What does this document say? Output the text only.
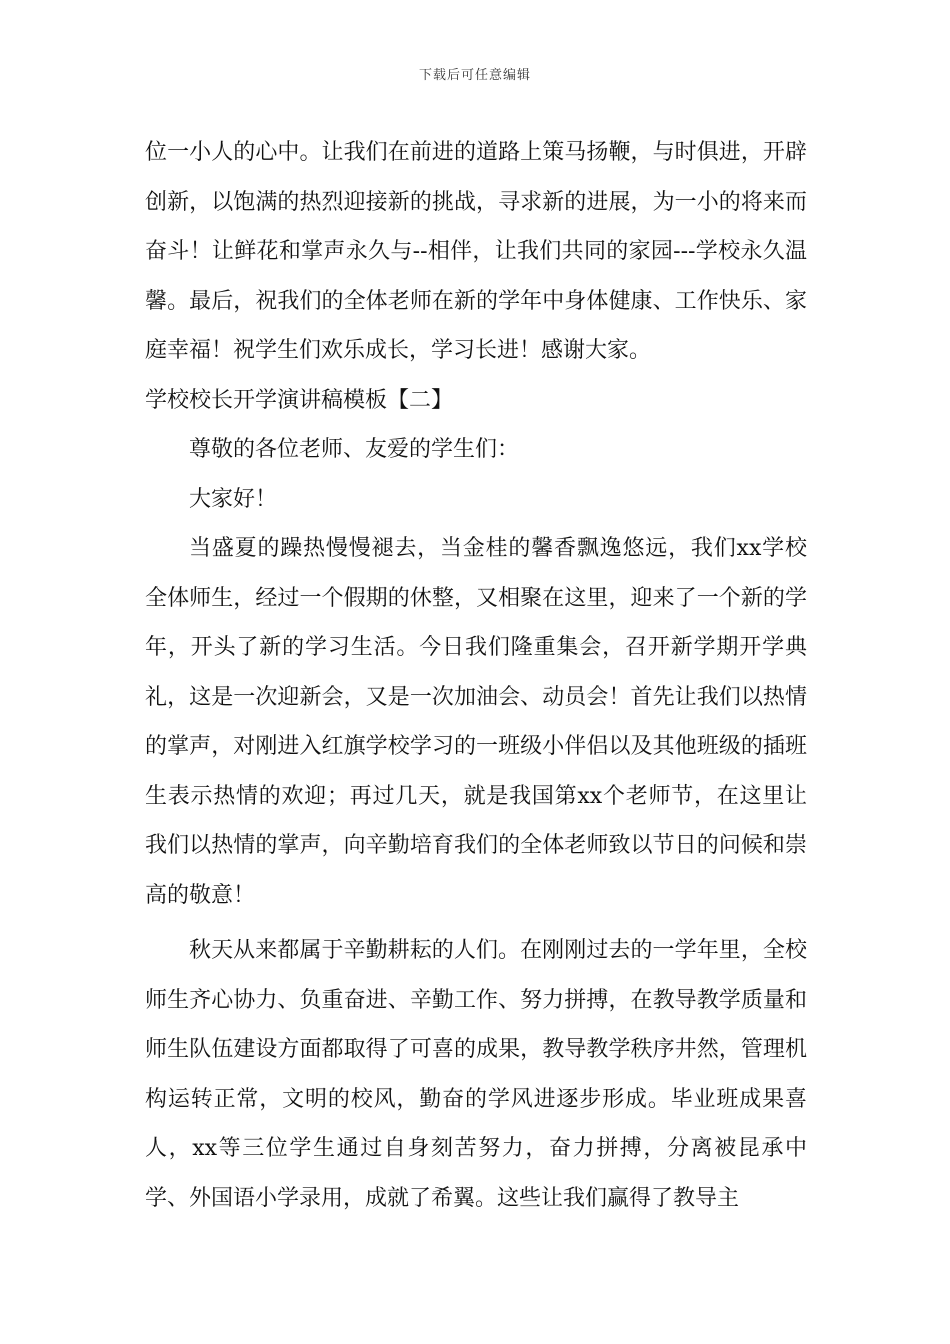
下载后可任意编辑

位一小人的心中。让我们在前进的道路上策马扬鞭，与时俱进，开辟创新，以饱满的热烈迎接新的挑战，寻求新的进展，为一小的将来而奋斗！让鲜花和掌声永久与--相伴，让我们共同的家园---学校永久温馨。最后，祝我们的全体老师在新的学年中身体健康、工作快乐、家庭幸福！祝学生们欢乐成长，学习长进！感谢大家。

学校校长开学演讲稿模板【二】

尊敬的各位老师、友爱的学生们：

大家好！

当盛夏的躁热慢慢褪去，当金桂的馨香飘逸悠远，我们xx学校全体师生，经过一个假期的休整，又相聚在这里，迎来了一个新的学年，开头了新的学习生活。今日我们隆重集会，召开新学期开学典礼，这是一次迎新会，又是一次加油会、动员会！首先让我们以热情的掌声，对刚进入红旗学校学习的一班级小伴侣以及其他班级的插班生表示热情的欢迎；再过几天，就是我国第xx个老师节，在这里让我们以热情的掌声，向辛勤培育我们的全体老师致以节日的问候和崇高的敬意！

秋天从来都属于辛勤耕耘的人们。在刚刚过去的一学年里，全校师生齐心协力、负重奋进、辛勤工作、努力拼搏，在教导教学质量和师生队伍建设方面都取得了可喜的成果，教导教学秩序井然，管理机构运转正常，文明的校风，勤奋的学风进逐步形成。毕业班成果喜人，xx等三位学生通过自身刻苦努力，奋力拼搏，分离被昆承中学、外国语小学录用，成就了希翼。这些让我们赢得了教导主
